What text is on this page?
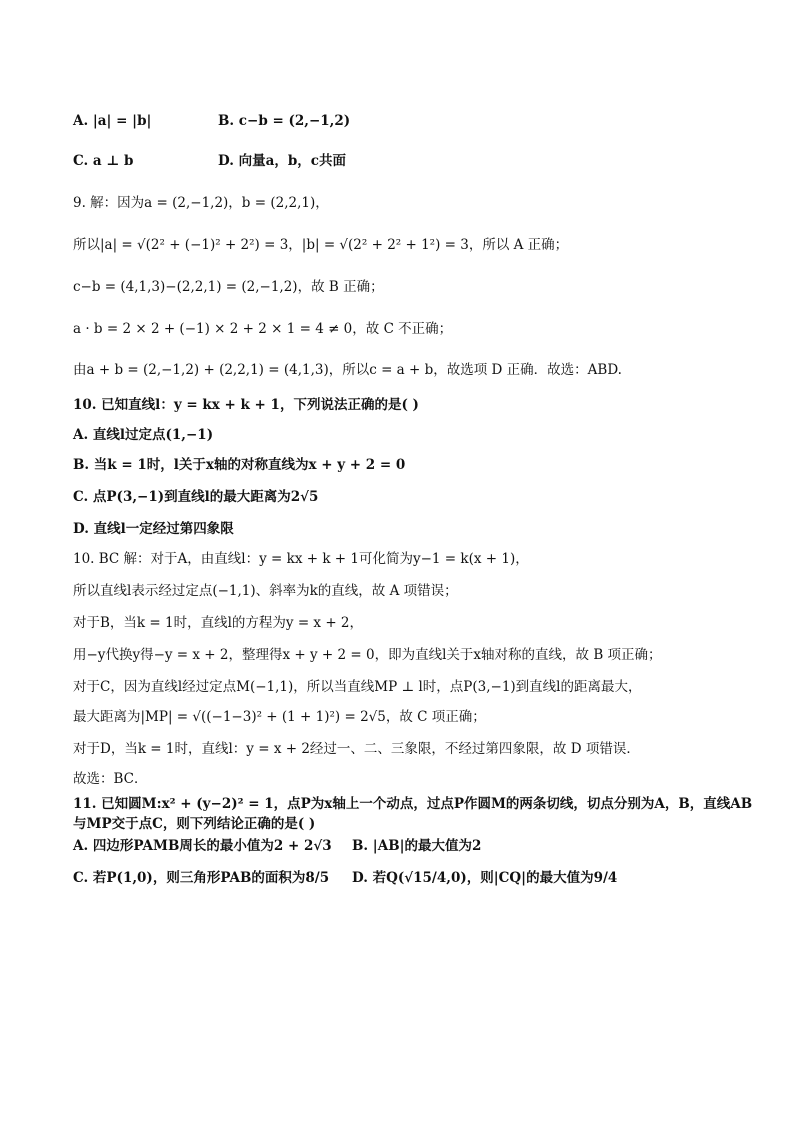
A. |a| = |b|	B. c−b = (2,−1,2)
C. a ⊥ b	D. 向量a，b，c共面
9. 解：因为a = (2,−1,2)，b = (2,2,1)，
所以|a| = √(2² + (−1)² + 2²) = 3，|b| = √(2² + 2² + 1²) = 3，所以 A 正确；
c−b = (4,1,3)−(2,2,1) = (2,−1,2)，故 B 正确；
a · b = 2 × 2 + (−1) × 2 + 2 × 1 = 4 ≠ 0，故 C 不正确；
由a + b = (2,−1,2) + (2,2,1) = (4,1,3)，所以c = a + b，故选项 D 正确．故选：ABD.
10. 已知直线l：y = kx + k + 1，下列说法正确的是( )
A. 直线l过定点(1,−1)
B. 当k = 1时，l关于x轴的对称直线为x + y + 2 = 0
C. 点P(3,−1)到直线l的最大距离为2√5
D. 直线l一定经过第四象限
10. BC 解：对于A，由直线l：y = kx + k + 1可化简为y−1 = k(x + 1)，
所以直线l表示经过定点(−1,1)、斜率为k的直线，故 A 项错误；
对于B，当k = 1时，直线l的方程为y = x + 2，
用−y代换y得−y = x + 2，整理得x + y + 2 = 0，即为直线l关于x轴对称的直线，故 B 项正确；
对于C，因为直线l经过定点M(−1,1)，所以当直线MP ⊥ l时，点P(3,−1)到直线l的距离最大，
最大距离为|MP| = √((−1−3)² + (1 + 1)²) = 2√5，故 C 项正确；
对于D，当k = 1时，直线l：y = x + 2经过一、二、三象限，不经过第四象限，故 D 项错误．
故选：BC．
11. 已知圆M:x² + (y−2)² = 1，点P为x轴上一个动点，过点P作圆M的两条切线，切点分别为A，B，直线AB
与MP交于点C，则下列结论正确的是( )
A. 四边形PAMB周长的最小值为2 + 2√3 B. |AB|的最大值为2
C. 若P(1,0)，则三角形PAB的面积为8/5 D. 若Q(√15/4,0)，则|CQ|的最大值为9/4
